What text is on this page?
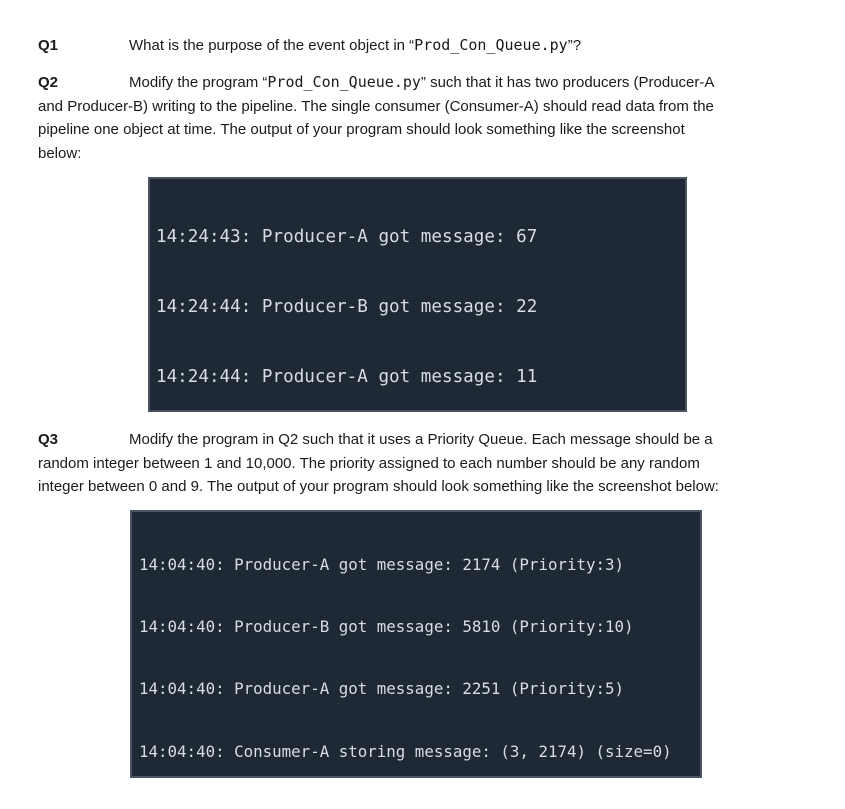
Q1	What is the purpose of the event object in “Prod_Con_Queue.py”?
Q2	Modify the program “Prod_Con_Queue.py” such that it has two producers (Producer-A
and Producer-B) writing to the pipeline. The single consumer (Consumer-A) should read data from the
pipeline one object at time. The output of your program should look something like the screenshot
below:

14:24:43: Producer-A got message: 67

14:24:44: Producer-B got message: 22

14:24:44: Producer-A got message: 11

Q3	Modify the program in Q2 such that it uses a Priority Queue. Each message should be a
random integer between 1 and 10,000. The priority assigned to each number should be any random
integer between 0 and 9. The output of your program should look something like the screenshot below:

14:04:40: Producer-A got message: 2174 (Priority:3)

14:04:40: Producer-B got message: 5810 (Priority:10)

14:04:40: Producer-A got message: 2251 (Priority:5)

14:04:40: Consumer-A storing message: (3, 2174) (size=0)
